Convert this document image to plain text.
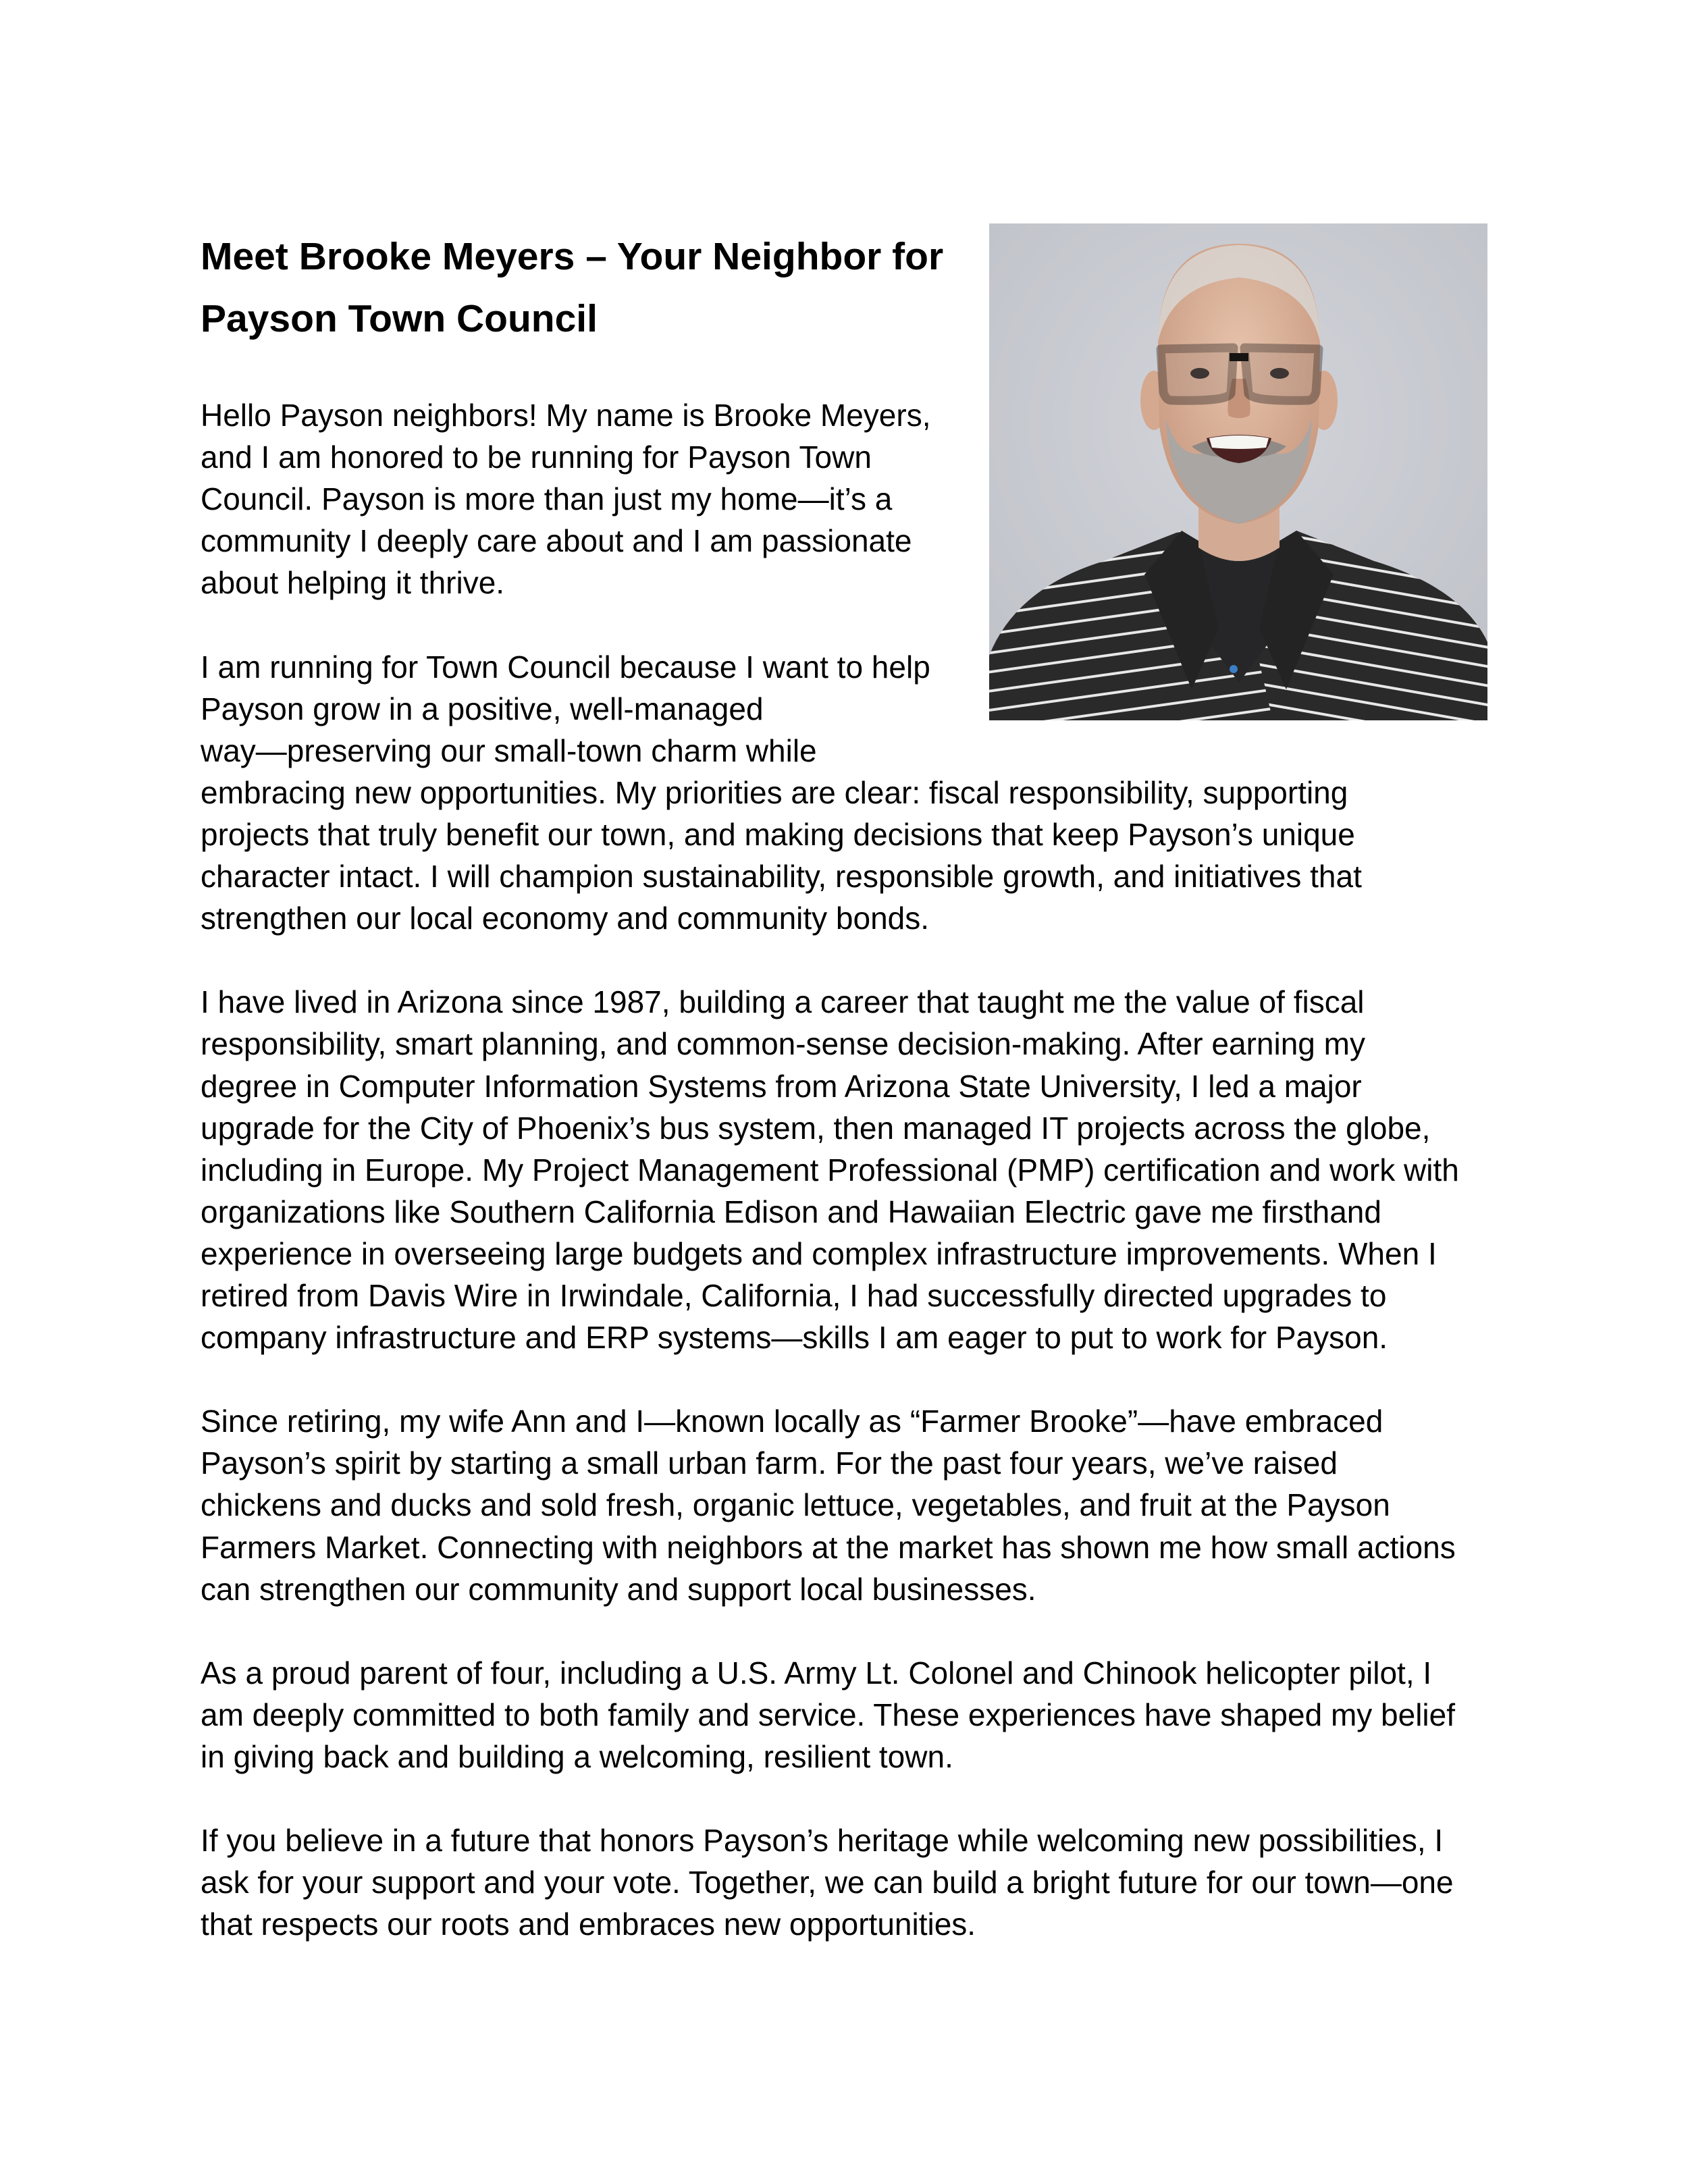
Meet Brooke Meyers – Your Neighbor for
Payson Town Council

Hello Payson neighbors! My name is Brooke Meyers,
and I am honored to be running for Payson Town
Council. Payson is more than just my home—it’s a
community I deeply care about and I am passionate
about helping it thrive.

I am running for Town Council because I want to help
Payson grow in a positive, well-managed
way—preserving our small-town charm while
embracing new opportunities. My priorities are clear: fiscal responsibility, supporting
projects that truly benefit our town, and making decisions that keep Payson’s unique
character intact. I will champion sustainability, responsible growth, and initiatives that
strengthen our local economy and community bonds.

I have lived in Arizona since 1987, building a career that taught me the value of fiscal
responsibility, smart planning, and common-sense decision-making. After earning my
degree in Computer Information Systems from Arizona State University, I led a major
upgrade for the City of Phoenix’s bus system, then managed IT projects across the globe,
including in Europe. My Project Management Professional (PMP) certification and work with
organizations like Southern California Edison and Hawaiian Electric gave me firsthand
experience in overseeing large budgets and complex infrastructure improvements. When I
retired from Davis Wire in Irwindale, California, I had successfully directed upgrades to
company infrastructure and ERP systems—skills I am eager to put to work for Payson.

Since retiring, my wife Ann and I—known locally as “Farmer Brooke”—have embraced
Payson’s spirit by starting a small urban farm. For the past four years, we’ve raised
chickens and ducks and sold fresh, organic lettuce, vegetables, and fruit at the Payson
Farmers Market. Connecting with neighbors at the market has shown me how small actions
can strengthen our community and support local businesses.

As a proud parent of four, including a U.S. Army Lt. Colonel and Chinook helicopter pilot, I
am deeply committed to both family and service. These experiences have shaped my belief
in giving back and building a welcoming, resilient town.

If you believe in a future that honors Payson’s heritage while welcoming new possibilities, I
ask for your support and your vote. Together, we can build a bright future for our town—one
that respects our roots and embraces new opportunities.
